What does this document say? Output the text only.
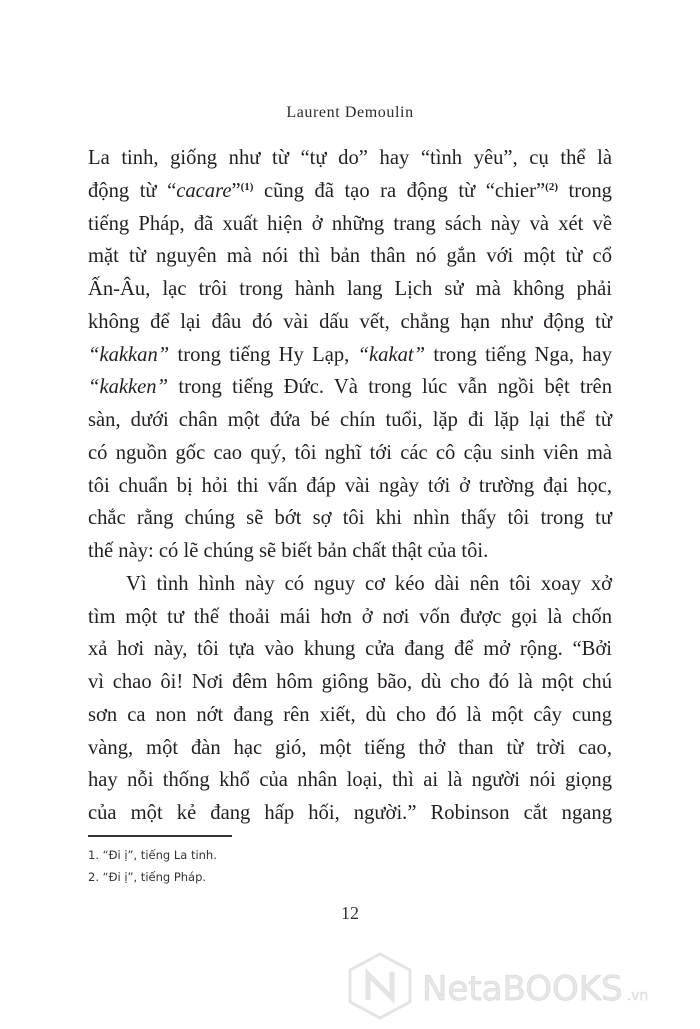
Laurent Demoulin
La tinh, giống như từ “tự do” hay “tình yêu”, cụ thể là
động từ “cacare”$^{(1)}$ cũng đã tạo ra động từ “chier”$^{(2)}$ trong
tiếng Pháp, đã xuất hiện ở những trang sách này và xét về
mặt từ nguyên mà nói thì bản thân nó gắn với một từ cổ
Ấn-Âu, lạc trôi trong hành lang Lịch sử mà không phải
không để lại đâu đó vài dấu vết, chẳng hạn như động từ
“kakkan” trong tiếng Hy Lạp, “kakat” trong tiếng Nga, hay
“kakken” trong tiếng Đức. Và trong lúc vẫn ngồi bệt trên
sàn, dưới chân một đứa bé chín tuổi, lặp đi lặp lại thể từ
có nguồn gốc cao quý, tôi nghĩ tới các cô cậu sinh viên mà
tôi chuẩn bị hỏi thi vấn đáp vài ngày tới ở trường đại học,
chắc rằng chúng sẽ bớt sợ tôi khi nhìn thấy tôi trong tư
thế này: có lẽ chúng sẽ biết bản chất thật của tôi.
Vì tình hình này có nguy cơ kéo dài nên tôi xoay xở
tìm một tư thế thoải mái hơn ở nơi vốn được gọi là chốn
xả hơi này, tôi tựa vào khung cửa đang để mở rộng. “Bởi
vì chao ôi! Nơi đêm hôm giông bão, dù cho đó là một chú
sơn ca non nớt đang rên xiết, dù cho đó là một cây cung
vàng, một đàn hạc gió, một tiếng thở than từ trời cao,
hay nỗi thống khổ của nhân loại, thì ai là người nói giọng
của một kẻ đang hấp hối, người.” Robinson cắt ngang
1. “Đi ị”, tiếng La tinh.
2. “Đi ị”, tiếng Pháp.
12
NetaBOOKS .vn
